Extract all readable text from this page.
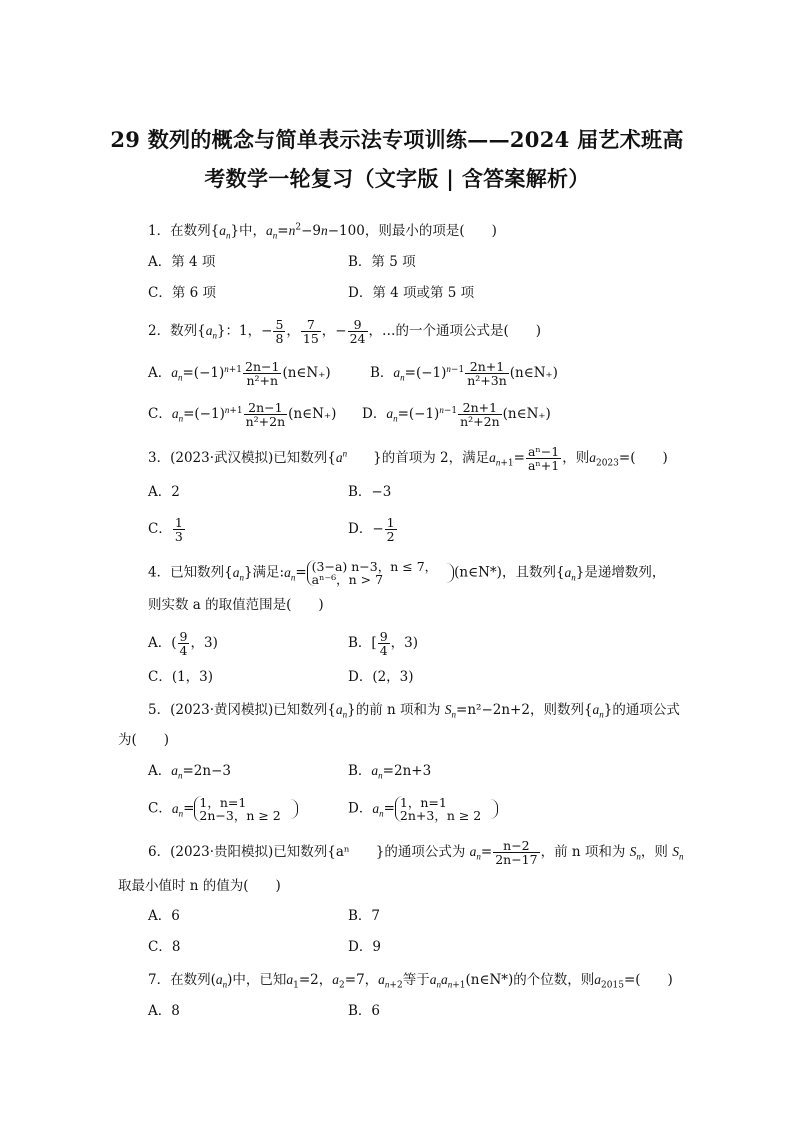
29 数列的概念与简单表示法专项训练——2024 届艺术班高
考数学一轮复习（文字版 | 含答案解析）
1．在数列$\{a_n\}$中，$a_n=n^2-9n-100$，则最小的项是(　　)
A．第 4 项	B．第 5 项
C．第 6 项	D．第 4 项或第 5 项
2．数列$\{a_n\}$：1，− $\frac{5}{8}$ ， $\frac{7}{15}$ ，− $\frac{9}{24}$ ，…的一个通项公式是(　　)
A．$a_n=(-1)^{n+1} \frac{2n-1}{\text{n²+n}}$ (n∈N₊)	B．$a_n=(-1)^{n-1} \frac{2n+1}{\text{n²+3n}}$ (n∈N₊)
C．$a_n=(-1)^{n+1} \frac{2n-1}{\text{n²+2n}}$ (n∈N₊) D．$a_n=(-1)^{n-1} \frac{2n+1}{\text{n²+2n}}$ (n∈N₊)
3．(2023·武汉模拟)已知数列{$a^n$ }的首项为 2，满足$a_{n+1}= \frac{\text{aⁿ−1}}{\text{aⁿ+1}}$ ，则$a_{2023}=$(　　)
A．2	B．−3
C． $\frac{1}{3}$	D．− $\frac{1}{2}$
4．已知数列$\{a_n\}$满足$:a_n= (3-a)$ n−3，n ≤ 7，
aⁿ⁻⁶，n > 7	(n∈N*)，且数列$\{a_n\}$是递增数列，
则实数 a 的取值范围是(　　)
A．( $\frac{9}{4}$ ，3)	B．[ $\frac{9}{4}$ ，3)
C．(1，3)	D．(2，3)
5．(2023·黄冈模拟)已知数列$\{a_n\}$的前 n 项和为 $S_n=n^2-2n+2$，则数列$\{a_n\}$的通项公式
为(　　)
A．$a_n=2n-3$	B．$a_n=2n+3$
C．$a_n= 1$，n=1
2n−3，n ≥ 2	D．$a_n= 1$，n=1
2n+3，n ≥ 2
6．(2023·贵阳模拟)已知数列{aⁿ }的通项公式为 $a_n= \frac{n-2}{2n-17}$ ，前 n 项和为 $S_n$，则 $S_n$
取最小值时 n 的值为(　　)
A．6	B．7
C．8	D．9
7．在数列$(a_n)$中，已知$a_1=2$，$a_2=7$，$a_{n+2}$等于$a_na_{n+1}(n\in N*)$的个位数，则$a_{2015}=$(　　)
A．8	B．6
